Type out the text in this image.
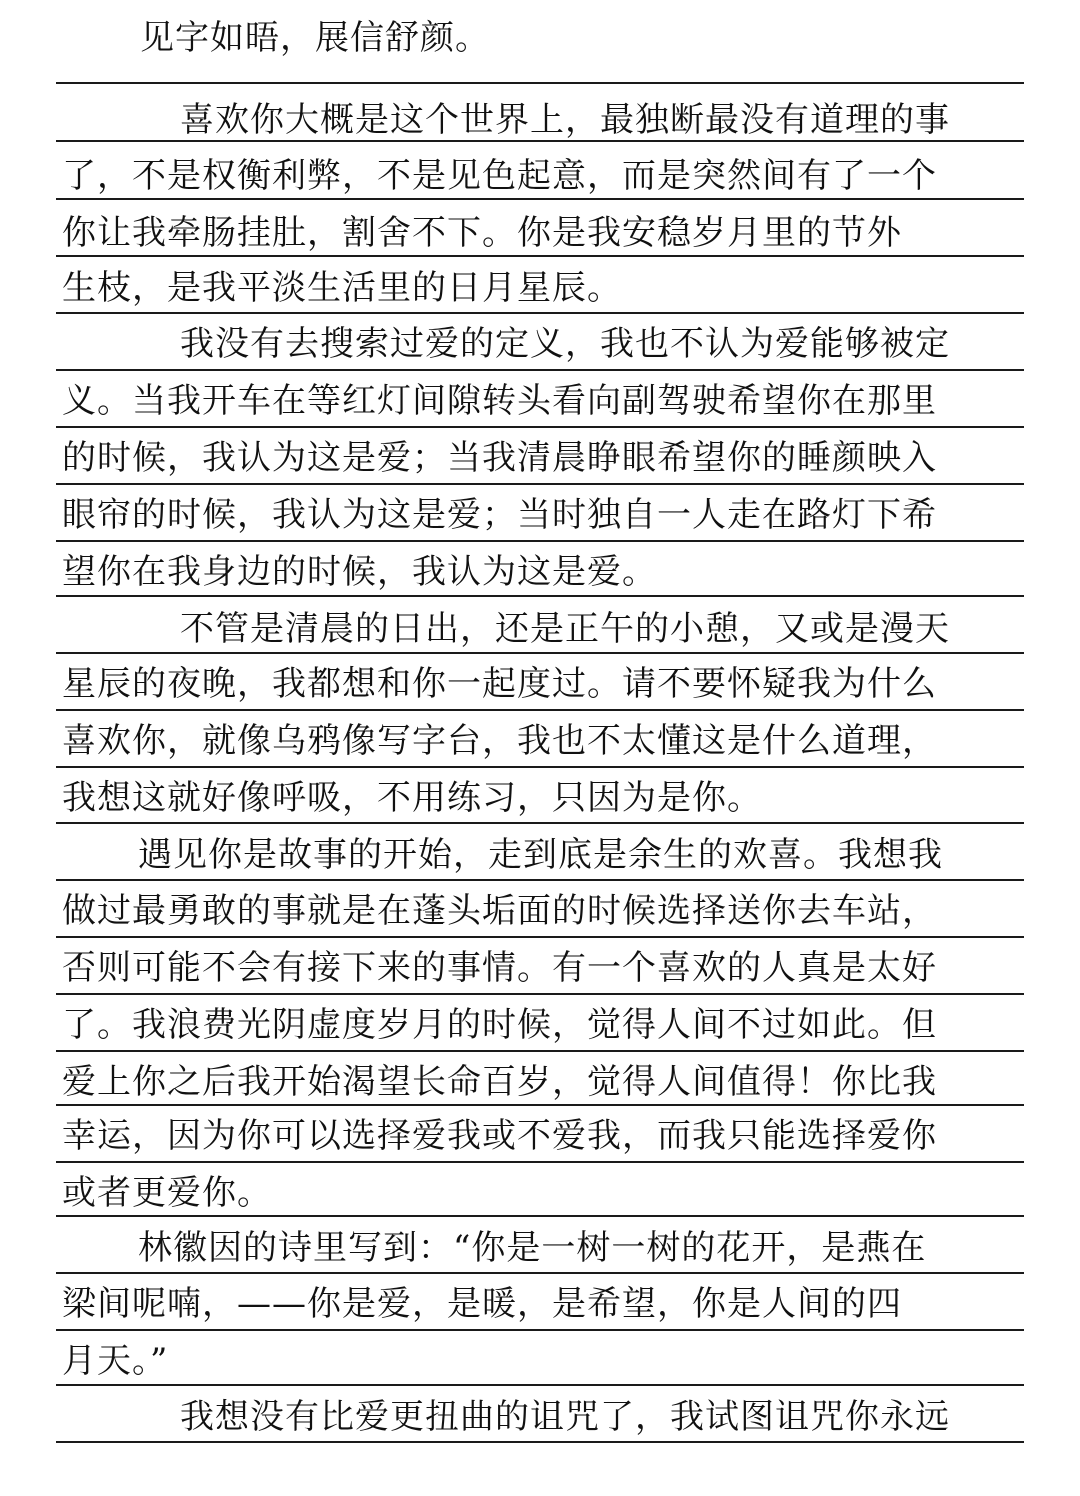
见字如晤，展信舒颜。
喜欢你大概是这个世界上，最独断最没有道理的事
了，不是权衡利弊，不是见色起意，而是突然间有了一个
你让我牵肠挂肚，割舍不下。你是我安稳岁月里的节外
生枝，是我平淡生活里的日月星辰。
我没有去搜索过爱的定义，我也不认为爱能够被定
义。当我开车在等红灯间隙转头看向副驾驶希望你在那里
的时候，我认为这是爱；当我清晨睁眼希望你的睡颜映入
眼帘的时候，我认为这是爱；当时独自一人走在路灯下希
望你在我身边的时候，我认为这是爱。
不管是清晨的日出，还是正午的小憩，又或是漫天
星辰的夜晚，我都想和你一起度过。请不要怀疑我为什么
喜欢你，就像乌鸦像写字台，我也不太懂这是什么道理，
我想这就好像呼吸，不用练习，只因为是你。
遇见你是故事的开始，走到底是余生的欢喜。我想我
做过最勇敢的事就是在蓬头垢面的时候选择送你去车站，
否则可能不会有接下来的事情。有一个喜欢的人真是太好
了。我浪费光阴虚度岁月的时候，觉得人间不过如此。但
爱上你之后我开始渴望长命百岁，觉得人间值得！你比我
幸运，因为你可以选择爱我或不爱我，而我只能选择爱你
或者更爱你。
林徽因的诗里写到：“你是一树一树的花开，是燕在
梁间呢喃，——你是爱，是暖，是希望，你是人间的四
月天。”
我想没有比爱更扭曲的诅咒了，我试图诅咒你永远
